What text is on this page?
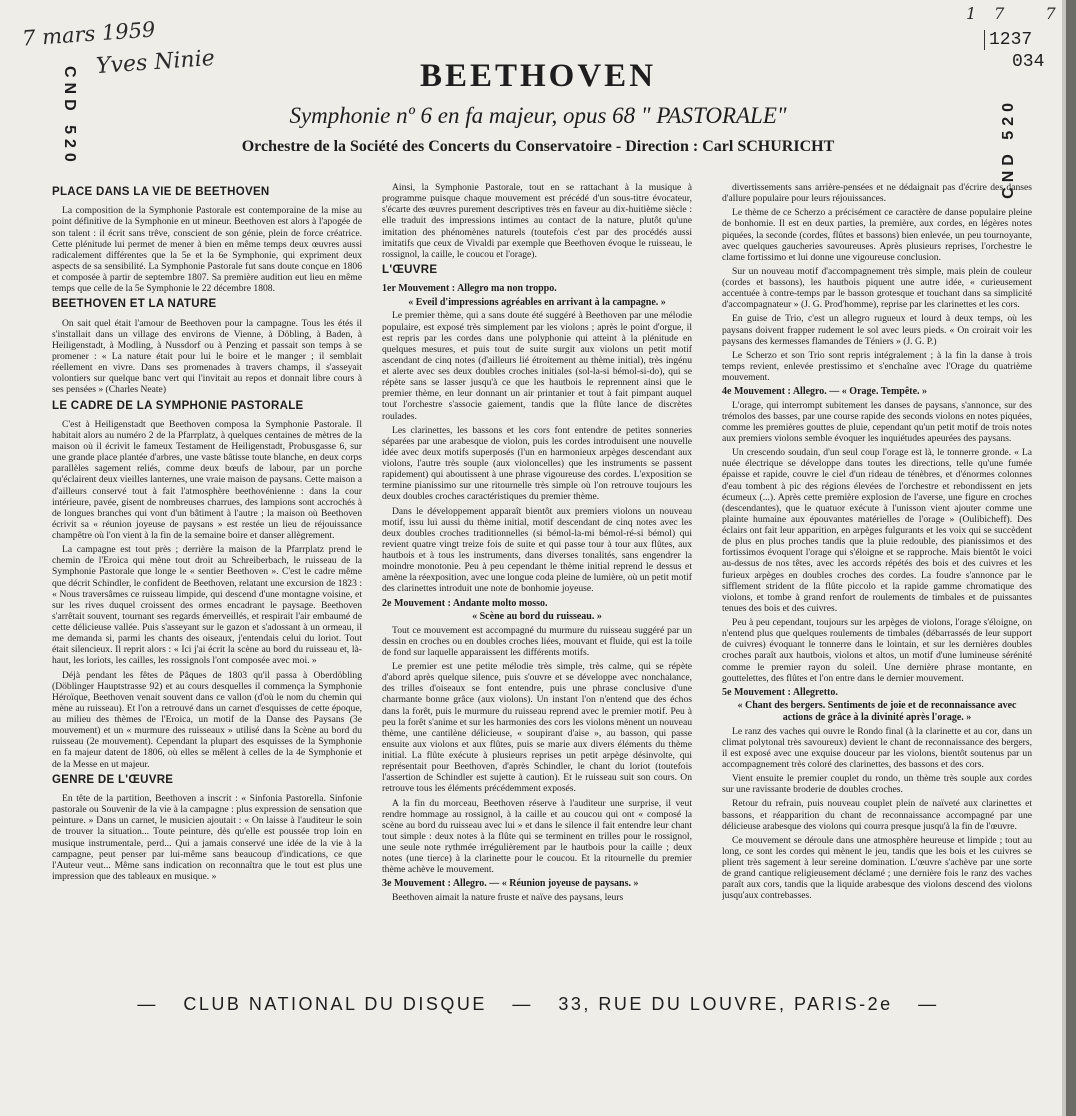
7 mars 1959
Yves Ninie
17 7
CND 520	CND 520
1237
034
BEETHOVEN
Symphonie nº 6 en fa majeur, opus 68 " PASTORALE"
Orchestre de la Société des Concerts du Conservatoire - Direction : Carl SCHURICHT
PLACE DANS LA VIE DE BEETHOVEN

La composition de la Symphonie Pastorale est contemporaine de la mise au point définitive de la Symphonie en ut mineur. Beethoven est alors à l'apogée de son talent : il écrit sans trêve, conscient de son génie, plein de force créatrice. Cette plénitude lui permet de mener à bien en même temps deux œuvres aussi radicalement différentes que la 5e et la 6e Symphonie, qui expriment deux aspects de sa sensibilité. La Symphonie Pastorale fut sans doute conçue en 1806 et composée à partir de septembre 1807. Sa première audition eut lieu en même temps que celle de la 5e Symphonie le 22 décembre 1808.

BEETHOVEN ET LA NATURE

On sait quel était l'amour de Beethoven pour la campagne. Tous les étés il s'installait dans un village des environs de Vienne, à Döbling, à Baden, à Heiligenstadt, à Modling, à Nussdorf ou à Penzing et passait son temps à se promener : « La nature était pour lui le boire et le manger ; il semblait réellement en vivre. Dans ses promenades à travers champs, il s'asseyait volontiers sur quelque banc vert qui l'invitait au repos et donnait libre cours à ses pensées » (Charles Neate)

LE CADRE DE LA SYMPHONIE PASTORALE

C'est à Heiligenstadt que Beethoven composa la Symphonie Pastorale. Il habitait alors au numéro 2 de la Pfarrplatz, à quelques centaines de mètres de la maison où il écrivit le fameux Testament de Heiligenstadt, Probusgasse 6, sur une grande place plantée d'arbres, une vaste bâtisse toute blanche, en deux corps parallèles sagement reliés, comme deux bœufs de labour, par un porche qu'éclairent deux vieilles lanternes, une vraie maison de paysans. Cette maison a d'ailleurs conservé tout à fait l'atmosphère beethovénienne : dans la cour intérieure, pavée, gisent de nombreuses charrues, des lampions sont accrochés à de longues branches qui vont d'un bâtiment à l'autre ; la maison où Beethoven écrivit sa « réunion joyeuse de paysans » est restée un lieu de réjouissance champêtre où l'on vient à la fin de la semaine boire et danser allègrement.

La campagne est tout près ; derrière la maison de la Pfarrplatz prend le chemin de l'Eroica qui mène tout droit au Schreiberbach, le ruisseau de la Symphonie Pastorale que longe le « sentier Beethoven ». C'est le cadre même que décrit Schindler, le confident de Beethoven, relatant une excursion de 1823 : « Nous traversâmes ce ruisseau limpide, qui descend d'une montagne voisine, et sur les rives duquel croissent des ormes encadrant le paysage. Beethoven s'arrêtait souvent, tournant ses regards émerveillés, et respirait l'air embaumé de cette délicieuse vallée. Puis s'asseyant sur le gazon et s'adossant à un ormeau, il me demanda si, parmi les chants des oiseaux, j'entendais celui du loriot. Tout était silencieux. Il reprit alors : « Ici j'ai écrit la scène au bord du ruisseau et, là-haut, les loriots, les cailles, les rossignols l'ont composée avec moi. »

Déjà pendant les fêtes de Pâques de 1803 qu'il passa à Oberdöbling (Döblinger Hauptstrasse 92) et au cours desquelles il commença la Symphonie Héroïque, Beethoven venait souvent dans ce vallon (d'où le nom du chemin qui mène au ruisseau). Et l'on a retrouvé dans un carnet d'esquisses de cette époque, au milieu des thèmes de l'Eroica, un motif de la Danse des Paysans (3e mouvement) et un « murmure des ruisseaux » utilisé dans la Scène au bord du ruisseau (2e mouvement). Cependant la plupart des esquisses de la Symphonie en fa majeur datent de 1806, où elles se mêlent à celles de la 4e Symphonie et de la Messe en ut majeur.

GENRE DE L'ŒUVRE

En tête de la partition, Beethoven a inscrit : « Sinfonia Pastorella. Sinfonie pastorale ou Souvenir de la vie à la campagne : plus expression de sensation que peinture. » Dans un carnet, le musicien ajoutait : « On laisse à l'auditeur le soin de trouver la situation... Toute peinture, dès qu'elle est poussée trop loin en musique instrumentale, perd... Qui a jamais conservé une idée de la vie à la campagne, peut penser par lui-même sans beaucoup d'indications, ce que l'Auteur veut... Même sans indication on reconnaîtra que le tout est plus une impression que des tableaux en musique. »

Ainsi, la Symphonie Pastorale, tout en se rattachant à la musique à programme puisque chaque mouvement est précédé d'un sous-titre évocateur, s'écarte des œuvres purement descriptives très en faveur au dix-huitième siècle : elle traduit des impressions intimes au contact de la nature, plutôt qu'une imitation des phénomènes naturels (toutefois c'est par des procédés aussi imitatifs que ceux de Vivaldi par exemple que Beethoven évoque le ruisseau, le rossignol, la caille, le coucou et l'orage).

L'ŒUVRE
1er Mouvement : Allegro ma non troppo.
« Eveil d'impressions agréables en arrivant à la campagne. »

Le premier thème, qui a sans doute été suggéré à Beethoven par une mélodie populaire, est exposé très simplement par les violons ; après le point d'orgue, il est repris par les cordes dans une polyphonie qui atteint à la plénitude en quelques mesures, et puis tout de suite surgit aux violons un petit motif ascendant de cinq notes (d'ailleurs lié étroitement au thème initial), très ingénu et alerte avec ses deux doubles croches initiales (sol-la-si bémol-si-do), qui se répète sans se lasser jusqu'à ce que les hautbois le reprennent ainsi que le premier thème, en leur donnant un air printanier et tout à fait pimpant auquel tout l'orchestre s'associe gaiement, tandis que la flûte lance de discrètes roulades.

Les clarinettes, les bassons et les cors font entendre de petites sonneries séparées par une arabesque de violon, puis les cordes introduisent une nouvelle idée avec deux motifs superposés (l'un en harmonieux arpèges descendant aux violons, l'autre très souple (aux violoncelles) que les instruments se passent rapidement) qui aboutissent à une phrase vigoureuse des cordes. L'exposition se termine pianissimo sur une ritournelle très simple où l'on retrouve toujours les deux doubles croches caractéristiques du premier thème.

Dans le développement apparaît bientôt aux premiers violons un nouveau motif, issu lui aussi du thème initial, motif descendant de cinq notes avec les deux doubles croches traditionnelles (si bémol-la-mi bémol-ré-si bémol) qui revient quatre vingt treize fois de suite et qui passe tour à tour aux flûtes, aux hautbois et à tous les instruments, dans diverses tonalités, sans engendrer la moindre monotonie. Peu à peu cependant le thème initial reprend le dessus et amène la réexposition, avec une longue coda pleine de lumière, où un petit motif des clarinettes introduit une note de bonhomie joyeuse.

2e Mouvement : Andante molto mosso.
« Scène au bord du ruisseau. »

Tout ce mouvement est accompagné du murmure du ruisseau suggéré par un dessin en croches ou en doubles croches liées, mouvant et fluide, qui est la toile de fond sur laquelle apparaissent les différents motifs.

Le premier est une petite mélodie très simple, très calme, qui se répète d'abord après quelque silence, puis s'ouvre et se développe avec nonchalance, des trilles d'oiseaux se font entendre, puis une phrase conclusive d'une charmante bonne grâce (aux violons). Un instant l'on n'entend que des échos dans la forêt, puis le murmure du ruisseau reprend avec le premier motif. Peu à peu la forêt s'anime et sur les harmonies des cors les violons mènent un nouveau thème, une cantilène délicieuse, « soupirant d'aise », au basson, qui passe ensuite aux violons et aux flûtes, puis se marie aux divers éléments du thème initial. La flûte exécute à plusieurs reprises un petit arpège désinvolte, qui représentait pour Beethoven, d'après Schindler, le chant du loriot (toutefois l'assertion de Schindler est sujette à caution). Et le ruisseau suit son cours. On retrouve tous les éléments précédemment exposés.

A la fin du morceau, Beethoven réserve à l'auditeur une surprise, il veut rendre hommage au rossignol, à la caille et au coucou qui ont « composé la scène au bord du ruisseau avec lui » et dans le silence il fait entendre leur chant tout simple : deux notes à la flûte qui se terminent en trilles pour le rossignol, une seule note rythmée irrégulièrement par le hautbois pour la caille ; deux notes (une tierce) à la clarinette pour le coucou. Et la ritournelle du premier thème achève le mouvement.

3e Mouvement : Allegro. — « Réunion joyeuse de paysans. »

Beethoven aimait la nature fruste et naïve des paysans, leurs

divertissements sans arrière-pensées et ne dédaignait pas d'écrire des danses d'allure populaire pour leurs réjouissances.

Le thème de ce Scherzo a précisément ce caractère de danse populaire pleine de bonhomie. Il est en deux parties, la première, aux cordes, en légères notes piquées, la seconde (cordes, flûtes et bassons) bien enlevée, un peu tournoyante, avec quelques gaucheries savoureuses. Après plusieurs reprises, l'orchestre le clame fortissimo et lui donne une vigoureuse conclusion.

Sur un nouveau motif d'accompagnement très simple, mais plein de couleur (cordes et bassons), les hautbois piquent une autre idée, « curieusement accentuée à contre-temps par le basson grotesque et touchant dans sa simplicité d'accompagnateur » (J. G. Prod'homme), reprise par les clarinettes et les cors.

En guise de Trio, c'est un allegro rugueux et lourd à deux temps, où les paysans doivent frapper rudement le sol avec leurs pieds. « On croirait voir les paysans des kermesses flamandes de Téniers » (J. G. P.)

Le Scherzo et son Trio sont repris intégralement ; à la fin la danse à trois temps revient, enlevée prestissimo et s'enchaîne avec l'Orage du quatrième mouvement.

4e Mouvement : Allegro. — « Orage. Tempête. »

L'orage, qui interrompt subitement les danses de paysans, s'annonce, sur des trémolos des basses, par une course rapide des seconds violons en notes piquées, comme les premières gouttes de pluie, cependant qu'un petit motif de trois notes aux premiers violons semble évoquer les inquiétudes apeurées des paysans.

Un crescendo soudain, d'un seul coup l'orage est là, le tonnerre gronde. « La nuée électrique se développe dans toutes les directions, telle qu'une fumée épaisse et rapide, couvre le ciel d'un rideau de ténèbres, et d'énormes colonnes d'eau tombent à pic des régions élevées de l'orchestre et rebondissent en jets écumeux (...). Après cette première explosion de l'averse, une figure en croches (descendantes), que le quatuor exécute à l'unisson vient ajouter comme une plainte humaine aux épouvantes matérielles de l'orage » (Oulibicheff). Des éclairs ont fait leur apparition, en arpèges fulgurants et les voix qui se succèdent de plus en plus proches tandis que la pluie redouble, des pianissimos et des fortissimos évoquent l'orage qui s'éloigne et se rapproche. Mais bientôt le voici au-dessus de nos têtes, avec les accords répétés des bois et des cuivres et les furieux arpèges en doubles croches des cordes. La foudre s'annonce par le sifflement strident de la flûte piccolo et la rapide gamme chromatique des violons, et tombe à grand renfort de roulements de timbales et de puissantes tenues des bois et des cuivres.

Peu à peu cependant, toujours sur les arpèges de violons, l'orage s'éloigne, on n'entend plus que quelques roulements de timbales (débarrassés de leur support de cuivres) évoquant le tonnerre dans le lointain, et sur les dernières doubles croches paraît aux hautbois, violons et altos, un motif d'une lumineuse sérénité comme le premier rayon du soleil. Une dernière phrase montante, en gouttelettes, des flûtes et l'on entre dans le dernier mouvement.

5e Mouvement : Allegretto.
« Chant des bergers. Sentiments de joie et de reconnaissance avec actions de grâce à la divinité après l'orage. »

Le ranz des vaches qui ouvre le Rondo final (à la clarinette et au cor, dans un climat polytonal très savoureux) devient le chant de reconnaissance des bergers, il est exposé avec une exquise douceur par les violons, bientôt soutenus par un accompagnement très coloré des clarinettes, des bassons et des cors.

Vient ensuite le premier couplet du rondo, un thème très souple aux cordes sur une ravissante broderie de doubles croches.

Retour du refrain, puis nouveau couplet plein de naïveté aux clarinettes et bassons, et réapparition du chant de reconnaissance accompagné par une délicieuse arabesque des violons qui courra presque jusqu'à la fin de l'œuvre.

Ce mouvement se déroule dans une atmosphère heureuse et limpide ; tout au long, ce sont les cordes qui mènent le jeu, tandis que les bois et les cuivres se plient très sagement à leur sereine domination. L'œuvre s'achève par une sorte de grand cantique religieusement déclamé ; une dernière fois le ranz des vaches paraît aux cors, tandis que la liquide arabesque des violons descend des violons jusqu'aux contrebasses.

— CLUB NATIONAL DU DISQUE — 33, RUE DU LOUVRE, PARIS-2e —
